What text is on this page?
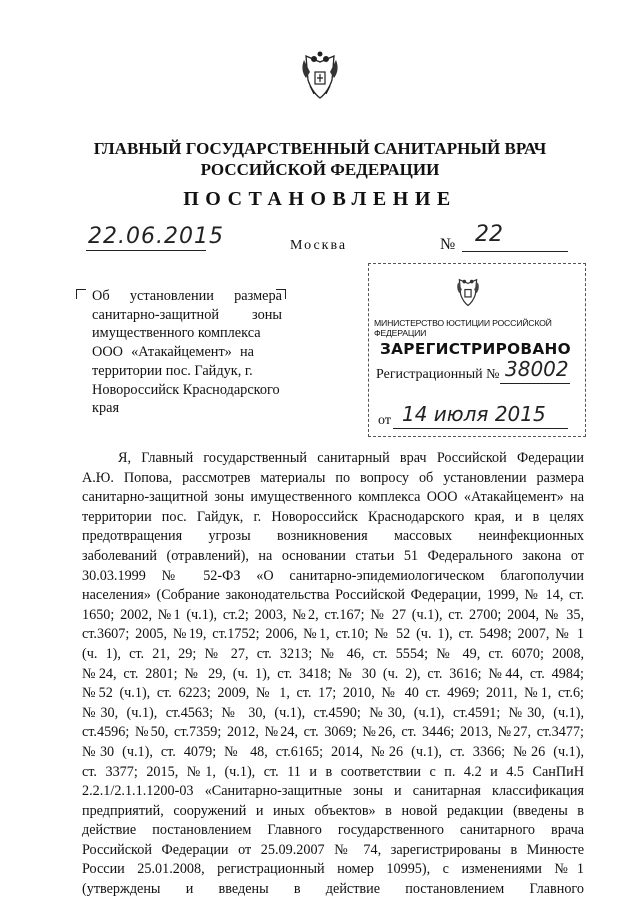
ГЛАВНЫЙ ГОСУДАРСТВЕННЫЙ САНИТАРНЫЙ ВРАЧ
РОССИЙСКОЙ ФЕДЕРАЦИИ
ПОСТАНОВЛЕНИЕ
22.06.2015	Москва	№ 22
Об установлении размера
санитарно-защитной зоны
имущественного комплекса
ООО «Атакайцемент» на
территории пос. Гайдук, г.
Новороссийск Краснодарского
края
МИНИСТЕРСТВО ЮСТИЦИИ РОССИЙСКОЙ ФЕДЕРАЦИИ
ЗАРЕГИСТРИРОВАНО
Регистрационный № 38002
от 14 июля 2015
Я, Главный государственный санитарный врач Российской Федерации
А.Ю. Попова, рассмотрев материалы по вопросу об установлении размера
санитарно-защитной зоны имущественного комплекса ООО «Атакайцемент» на
территории пос. Гайдук, г. Новороссийск Краснодарского края, и в целях
предотвращения угрозы возникновения массовых неинфекционных
заболеваний (отравлений), на основании статьи 51 Федерального закона от
30.03.1999 № 52-ФЗ «О санитарно-эпидемиологическом благополучии
населения» (Собрание законодательства Российской Федерации, 1999, № 14, ст.
1650; 2002, №1 (ч.1), ст.2; 2003, №2, ст.167; № 27 (ч.1), ст. 2700; 2004, № 35,
ст.3607; 2005, №19, ст.1752; 2006, №1, ст.10; № 52 (ч. 1), ст. 5498; 2007, № 1
(ч. 1), ст. 21, 29; № 27, ст. 3213; № 46, ст. 5554; № 49, ст. 6070; 2008,
№24, ст. 2801; № 29, (ч. 1), ст. 3418; № 30 (ч. 2), ст. 3616; №44, ст. 4984;
№52 (ч.1), ст. 6223; 2009, № 1, ст. 17; 2010, № 40 ст. 4969; 2011, №1, ст.6;
№30, (ч.1), ст.4563; № 30, (ч.1), ст.4590; №30, (ч.1), ст.4591; №30, (ч.1),
ст.4596; №50, ст.7359; 2012, №24, ст. 3069; №26, ст. 3446; 2013, №27, ст.3477;
№30 (ч.1), ст. 4079; № 48, ст.6165; 2014, №26 (ч.1), ст. 3366; №26 (ч.1),
ст. 3377; 2015, №1, (ч.1), ст. 11 и в соответствии с п. 4.2 и 4.5 СанПиН
2.2.1/2.1.1.1200-03 «Санитарно-защитные зоны и санитарная классификация
предприятий, сооружений и иных объектов» в новой редакции (введены в
действие постановлением Главного государственного санитарного врача
Российской Федерации от 25.09.2007 № 74, зарегистрированы в Минюсте
России 25.01.2008, регистрационный номер 10995), с изменениями №1
(утверждены и введены в действие постановлением Главного
